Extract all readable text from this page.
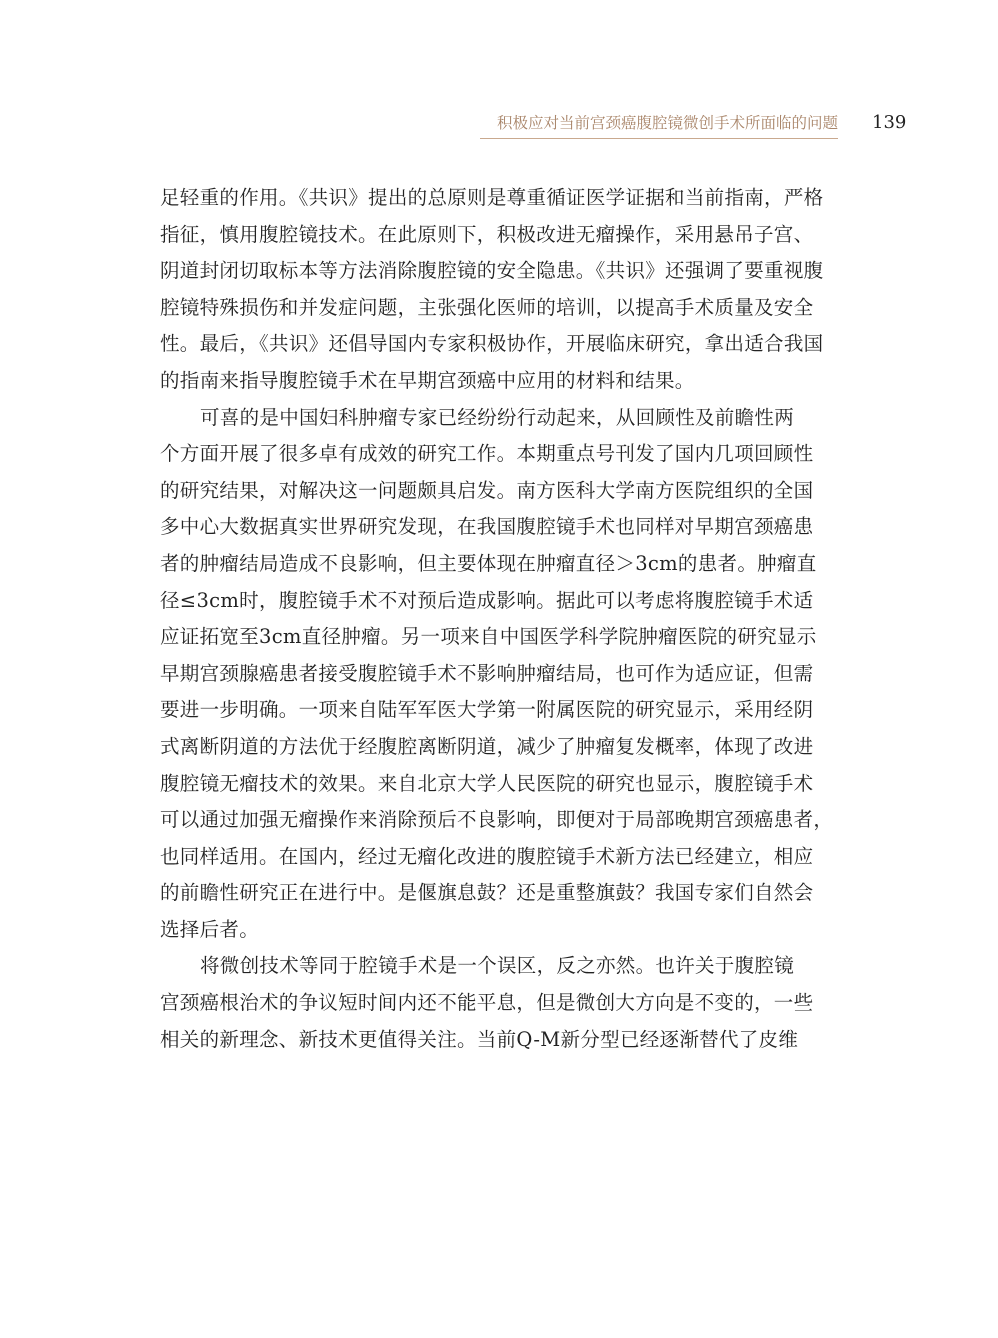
积极应对当前宫颈癌腹腔镜微创手术所面临的问题 139
足轻重的作用。《共识》提出的总原则是尊重循证医学证据和当前指南，严格
指征，慎用腹腔镜技术。在此原则下，积极改进无瘤操作，采用悬吊子宫、
阴道封闭切取标本等方法消除腹腔镜的安全隐患。《共识》还强调了要重视腹
腔镜特殊损伤和并发症问题，主张强化医师的培训，以提高手术质量及安全
性。最后，《共识》还倡导国内专家积极协作，开展临床研究，拿出适合我国
的指南来指导腹腔镜手术在早期宫颈癌中应用的材料和结果。
可喜的是中国妇科肿瘤专家已经纷纷行动起来，从回顾性及前瞻性两
个方面开展了很多卓有成效的研究工作。本期重点号刊发了国内几项回顾性
的研究结果，对解决这一问题颇具启发。南方医科大学南方医院组织的全国
多中心大数据真实世界研究发现，在我国腹腔镜手术也同样对早期宫颈癌患
者的肿瘤结局造成不良影响，但主要体现在肿瘤直径＞3cm的患者。肿瘤直
径≤3cm时，腹腔镜手术不对预后造成影响。据此可以考虑将腹腔镜手术适
应证拓宽至3cm直径肿瘤。另一项来自中国医学科学院肿瘤医院的研究显示
早期宫颈腺癌患者接受腹腔镜手术不影响肿瘤结局，也可作为适应证，但需
要进一步明确。一项来自陆军军医大学第一附属医院的研究显示，采用经阴
式离断阴道的方法优于经腹腔离断阴道，减少了肿瘤复发概率，体现了改进
腹腔镜无瘤技术的效果。来自北京大学人民医院的研究也显示，腹腔镜手术
可以通过加强无瘤操作来消除预后不良影响，即便对于局部晚期宫颈癌患者，
也同样适用。在国内，经过无瘤化改进的腹腔镜手术新方法已经建立，相应
的前瞻性研究正在进行中。是偃旗息鼓？还是重整旗鼓？我国专家们自然会
选择后者。
将微创技术等同于腔镜手术是一个误区，反之亦然。也许关于腹腔镜
宫颈癌根治术的争议短时间内还不能平息，但是微创大方向是不变的，一些
相关的新理念、新技术更值得关注。当前Q-M新分型已经逐渐替代了皮维
